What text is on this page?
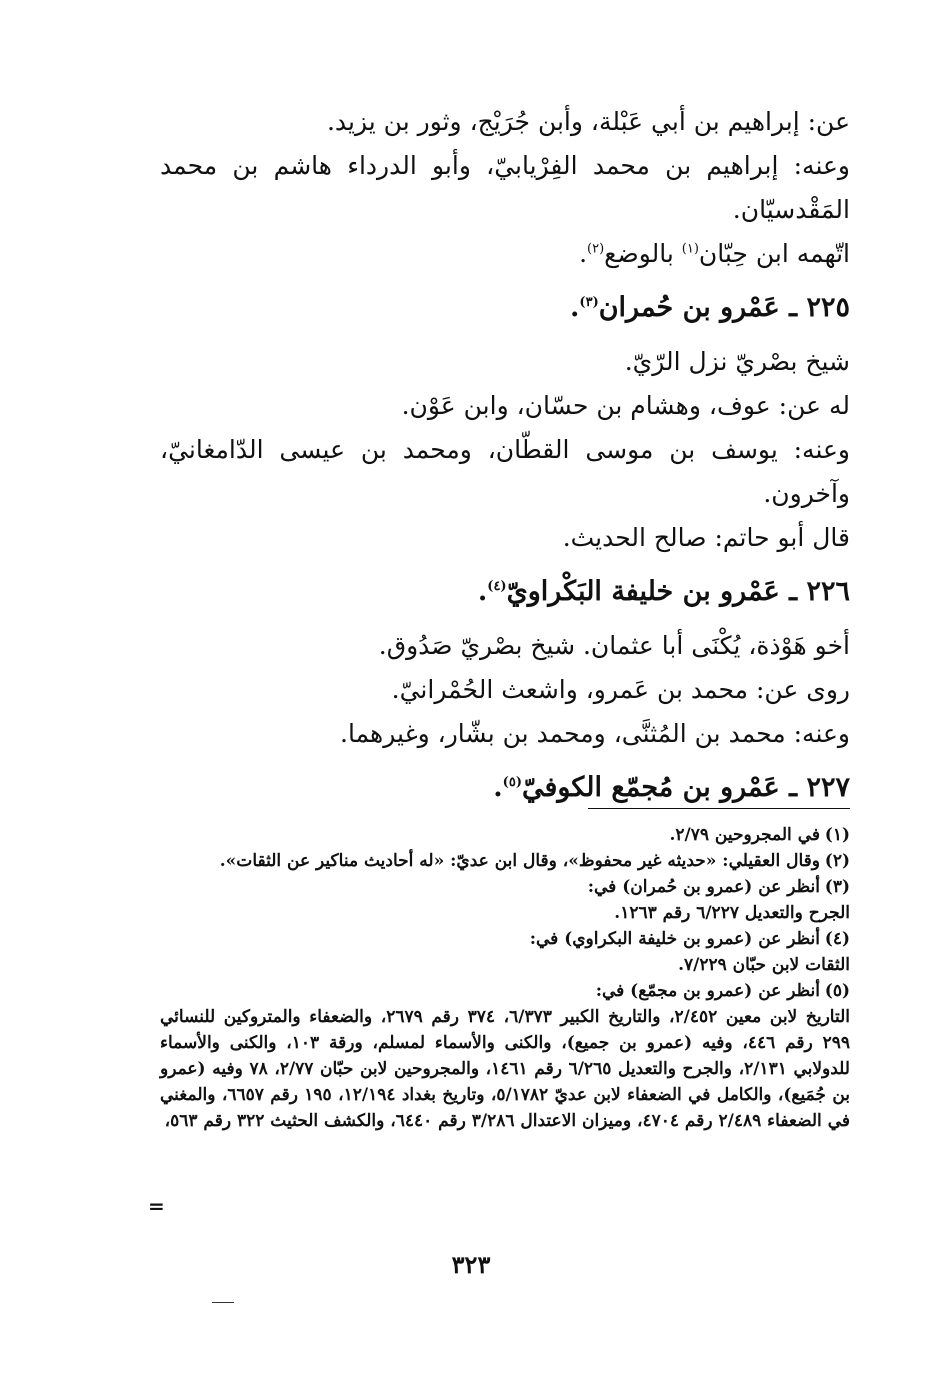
عن: إبراهيم بن أبي عَبْلة، وأبن جُرَيْج، وثور بن يزيد.

وعنه: إبراهيم بن محمد الفِرْيابيّ، وأبو الدرداء هاشم بن محمد المَقْدسيّان.

اتّهمه ابن حِبّان$^{(١)}$ بالوضع$^{(٢)}$.

٢٢٥ ـ عَمْرو بن حُمران$^{(٣)}$.

شيخ بصْريّ نزل الرّيّ.

له عن: عوف، وهشام بن حسّان، وابن عَوْن.

وعنه: يوسف بن موسى القطّان، ومحمد بن عيسى الدّامغانيّ، وآخرون.

قال أبو حاتم: صالح الحديث.

٢٢٦ ـ عَمْرو بن خليفة البَكْراويّ$^{(٤)}$.

أخو هَوْذة، يُكْنَى أبا عثمان. شيخ بصْريّ صَدُوق.

روى عن: محمد بن عَمرو، واشعث الحُمْرانيّ.

وعنه: محمد بن المُثنَّى، ومحمد بن بشّار، وغيرهما.

٢٢٧ ـ عَمْرو بن مُجمّع الكوفيّ$^{(٥)}$.

(١)في المجروحين ٢/٧٩.

(٢)وقال العقيلي: «حديثه غير محفوظ»، وقال ابن عديّ: «له أحاديث مناكير عن الثقات».

(٣)أنظر عن (عمرو بن حُمران) في:

الجرح والتعديل ٦/٢٢٧ رقم ١٢٦٣.

(٤)أنظر عن (عمرو بن خليفة البكراوي) في:

الثقات لابن حبّان ٧/٢٢٩.

(٥)أنظر عن (عمرو بن مجمّع) في:

التاريخ لابن معين ٢/٤٥٢، والتاريخ الكبير ٦/٣٧٣، ٣٧٤ رقم ٢٦٧٩، والضعفاء والمتروكين للنسائي ٢٩٩ رقم ٤٤٦، وفيه (عمرو بن جميع)، والكنى والأسماء لمسلم، ورقة ١٠٣، والكنى والأسماء للدولابي ٢/١٣١، والجرح والتعديل ٦/٢٦٥ رقم ١٤٦١، والمجروحين لابن حبّان ٢/٧٧، ٧٨ وفيه (عمرو بن جُمَيع)، والكامل في الضعفاء لابن عديّ ٥/١٧٨٢، وتاريخ بغداد ١٢/١٩٤، ١٩٥ رقم ٦٦٥٧، والمغني في الضعفاء ٢/٤٨٩ رقم ٤٧٠٤، وميزان الاعتدال ٣/٢٨٦ رقم ٦٤٤٠، والكشف الحثيث ٣٢٢ رقم ٥٦٣،

=
٣٢٣
